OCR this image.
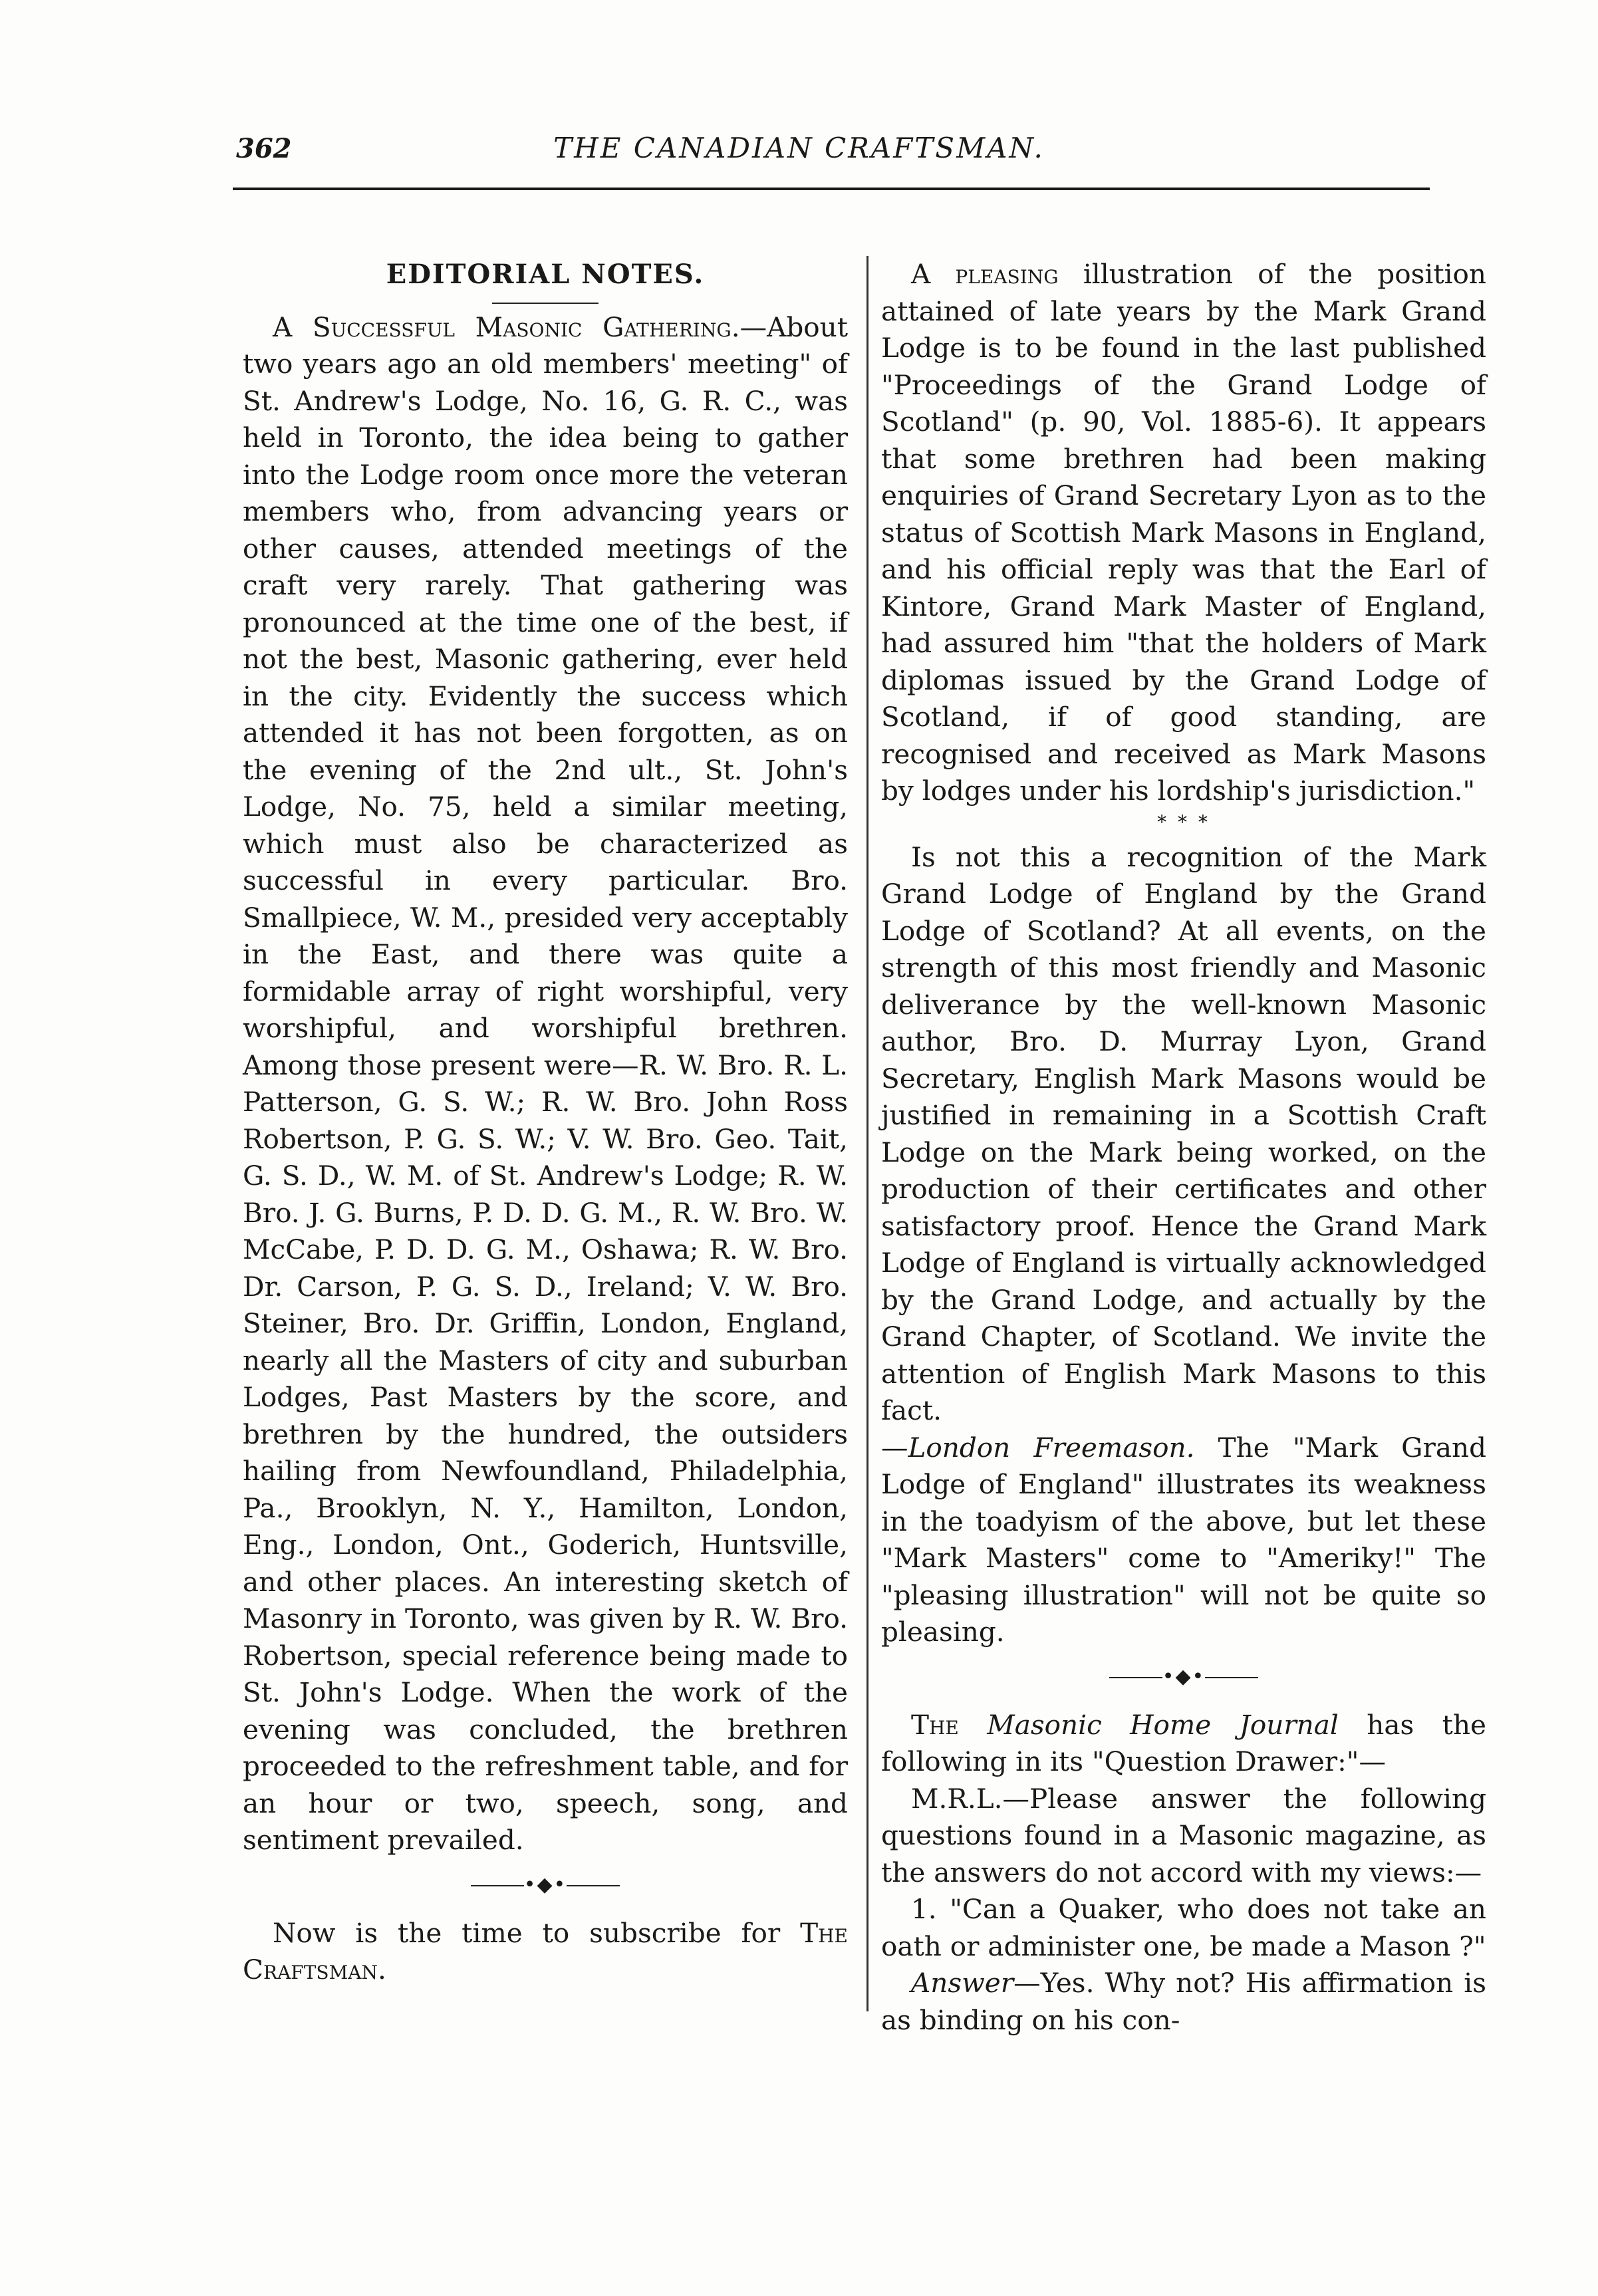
362	THE CANADIAN CRAFTSMAN.

EDITORIAL NOTES.

A Successful Masonic Gathering.—About two years ago an old members' meeting" of St. Andrew's Lodge, No. 16, G. R. C., was held in Toronto, the idea being to gather into the Lodge room once more the veteran members who, from advancing years or other causes, attended meetings of the craft very rarely. That gathering was pronounced at the time one of the best, if not the best, Masonic gathering, ever held in the city. Evidently the success which attended it has not been forgotten, as on the evening of the 2nd ult., St. John's Lodge, No. 75, held a similar meeting, which must also be characterized as successful in every particular. Bro. Smallpiece, W. M., presided very acceptably in the East, and there was quite a formidable array of right worshipful, very worshipful, and worshipful brethren. Among those present were—R. W. Bro. R. L. Patterson, G. S. W.; R. W. Bro. John Ross Robertson, P. G. S. W.; V. W. Bro. Geo. Tait, G. S. D., W. M. of St. Andrew's Lodge; R. W. Bro. J. G. Burns, P. D. D. G. M., R. W. Bro. W. McCabe, P. D. D. G. M., Oshawa; R. W. Bro. Dr. Carson, P. G. S. D., Ireland; V. W. Bro. Steiner, Bro. Dr. Griffin, London, England, nearly all the Masters of city and suburban Lodges, Past Masters by the score, and brethren by the hundred, the outsiders hailing from Newfoundland, Philadelphia, Pa., Brooklyn, N. Y., Hamilton, London, Eng., London, Ont., Goderich, Huntsville, and other places. An interesting sketch of Masonry in Toronto, was given by R. W. Bro. Robertson, special reference being made to St. John's Lodge. When the work of the evening was concluded, the brethren proceeded to the refreshment table, and for an hour or two, speech, song, and sentiment prevailed.

•◆•

Now is the time to subscribe for The Craftsman.

A pleasing illustration of the position attained of late years by the Mark Grand Lodge is to be found in the last published "Proceedings of the Grand Lodge of Scotland" (p. 90, Vol. 1885-6). It appears that some brethren had been making enquiries of Grand Secretary Lyon as to the status of Scottish Mark Masons in England, and his official reply was that the Earl of Kintore, Grand Mark Master of England, had assured him "that the holders of Mark diplomas issued by the Grand Lodge of Scotland, if of good standing, are recognised and received as Mark Masons by lodges under his lordship's jurisdiction."

* * *

Is not this a recognition of the Mark Grand Lodge of England by the Grand Lodge of Scotland? At all events, on the strength of this most friendly and Masonic deliverance by the well-known Masonic author, Bro. D. Murray Lyon, Grand Secretary, English Mark Masons would be justified in remaining in a Scottish Craft Lodge on the Mark being worked, on the production of their certificates and other satisfactory proof. Hence the Grand Mark Lodge of England is virtually acknowledged by the Grand Lodge, and actually by the Grand Chapter, of Scotland. We invite the attention of English Mark Masons to this fact.
—London Freemason. The "Mark Grand Lodge of England" illustrates its weakness in the toadyism of the above, but let these "Mark Masters" come to "Ameriky!" The "pleasing illustration" will not be quite so pleasing.

•◆•

The Masonic Home Journal has the following in its "Question Drawer:"—

M.R.L.—Please answer the following questions found in a Masonic magazine, as the answers do not accord with my views:—

1. "Can a Quaker, who does not take an oath or administer one, be made a Mason ?"

Answer—Yes. Why not? His affirmation is as binding on his con-
